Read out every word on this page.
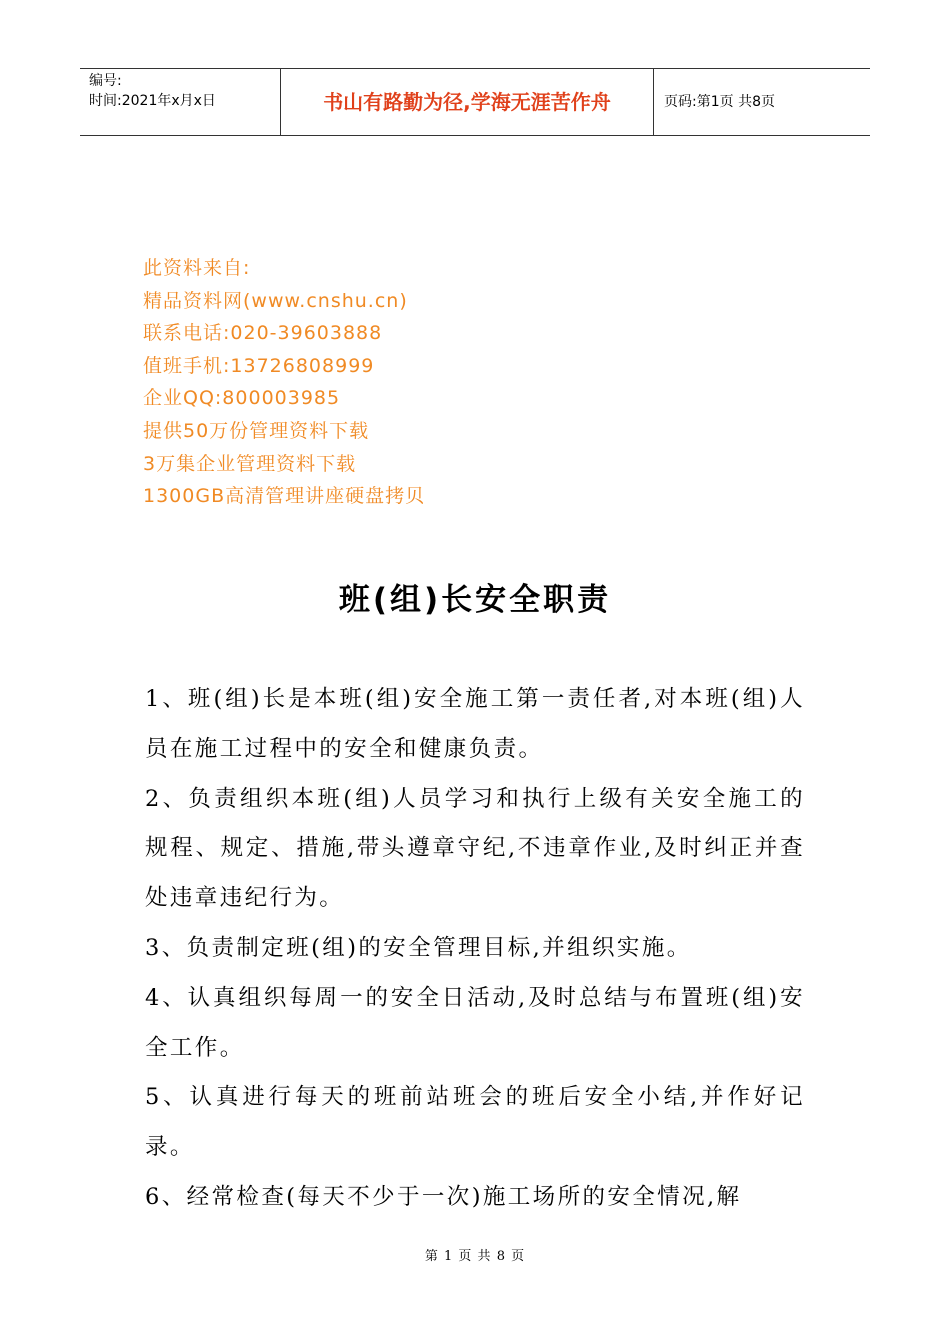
编号:
时间:2021年x月x日	书山有路勤为径,学海无涯苦作舟	页码:第1页 共8页
此资料来自:
精品资料网(www.cnshu.cn)
联系电话:020-39603888
值班手机:13726808999
企业QQ:800003985
提供50万份管理资料下载
3万集企业管理资料下载
1300GB高清管理讲座硬盘拷贝
班(组)长安全职责

1、班(组)长是本班(组)安全施工第一责任者,对本班(组)人员在施工过程中的安全和健康负责。

2、负责组织本班(组)人员学习和执行上级有关安全施工的规程、规定、措施,带头遵章守纪,不违章作业,及时纠正并查处违章违纪行为。

3、负责制定班(组)的安全管理目标,并组织实施。

4、认真组织每周一的安全日活动,及时总结与布置班(组)安全工作。

5、认真进行每天的班前站班会的班后安全小结,并作好记录。

6、经常检查(每天不少于一次)施工场所的安全情况,解

第 1 页 共 8 页
